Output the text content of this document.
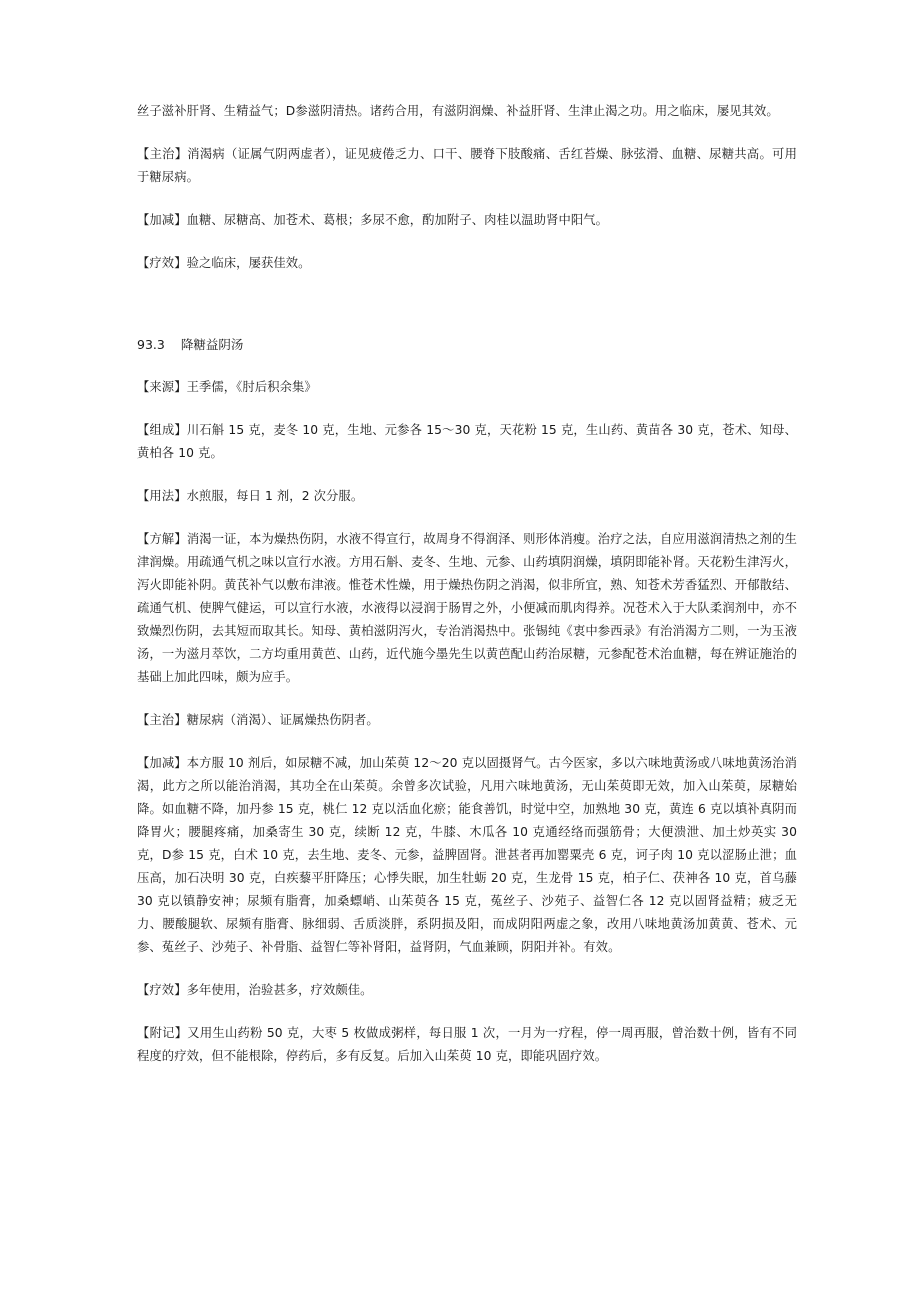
丝子滋补肝肾、生精益气；D参滋阴清热。诸药合用，有滋阴润燥、补益肝肾、生津止渴之功。用之临床，屡见其效。

【主治】消渴病（证属气阴两虚者），证见疲倦乏力、口干、腰脊下肢酸痛、舌红苔燥、脉弦滑、血糖、尿糖共高。可用于糖尿病。

【加减】血糖、尿糖高、加苍术、葛根；多尿不愈，酌加附子、肉桂以温助肾中阳气。

【疗效】验之临床，屡获佳效。

93.3 降糖益阴汤

【来源】王季儒，《肘后积余集》

【组成】川石斛 15 克，麦冬 10 克，生地、元参各 15～30 克，天花粉 15 克，生山药、黄苗各 30 克，苍术、知母、黄柏各 10 克。

【用法】水煎服，每日 1 剂，2 次分服。

【方解】消渴一证，本为燥热伤阴，水液不得宣行，故周身不得润泽、则形体消瘦。治疗之法，自应用滋润清热之剂的生津润燥。用疏通气机之味以宣行水液。方用石斛、麦冬、生地、元参、山药填阴润燥，填阴即能补肾。天花粉生津泻火，泻火即能补阴。黄芪补气以敷布津液。惟苍术性燥，用于燥热伤阴之消渴，似非所宜，熟、知苍术芳香猛烈、开郁散结、疏通气机、使脾气健运，可以宣行水液，水液得以浸润于肠胃之外，小便减而肌肉得养。况苍术入于大队柔润剂中，亦不致燥烈伤阴，去其短而取其长。知母、黄柏滋阴泻火，专治消渴热中。张锡纯《衷中参西录》有治消渴方二则，一为玉液汤，一为滋月萃饮，二方均重用黄芭、山药，近代施今墨先生以黄芭配山药治尿糖，元参配苍术治血糖，每在辨证施治的基础上加此四味，颇为应手。

【主治】糖尿病（消渴）、证属燥热伤阴者。

【加减】本方服 10 剂后，如尿糖不减，加山茱萸 12～20 克以固摄肾气。古今医家，多以六味地黄汤或八味地黄汤治消渴，此方之所以能治消渴，其功全在山茱萸。余曾多次试验，凡用六味地黄汤，无山茱萸即无效，加入山茱萸，尿糖始降。如血糖不降，加丹参 15 克，桃仁 12 克以活血化瘀；能食善饥，时觉中空，加熟地 30 克，黄连 6 克以填补真阴而降胃火；腰腿疼痛，加桑寄生 30 克，续断 12 克，牛膝、木瓜各 10 克通经络而强筋骨；大便溃泄、加土炒英实 30 克，D参 15 克，白术 10 克，去生地、麦冬、元参，益脾固肾。泄甚者再加罂粟壳 6 克，诃子肉 10 克以涩肠止泄；血压高，加石决明 30 克，白疾藜平肝降压；心悸失眠，加生牡蛎 20 克，生龙骨 15 克，柏子仁、茯神各 10 克，首乌藤 30 克以镇静安神；尿频有脂膏，加桑螵峭、山茱萸各 15 克，菟丝子、沙苑子、益智仁各 12 克以固肾益精；疲乏无力、腰酸腿软、尿频有脂膏、脉细弱、舌质淡胖，系阴损及阳，而成阴阳两虚之象，改用八味地黄汤加黄黄、苍术、元参、菟丝子、沙苑子、补骨脂、益智仁等补肾阳，益肾阴，气血兼顾，阴阳并补。有效。

【疗效】多年使用，治验甚多，疗效颇佳。

【附记】又用生山药粉 50 克，大枣 5 枚做成粥样，每日服 1 次，一月为一疗程，停一周再服，曾治数十例，皆有不同程度的疗效，但不能根除，停药后，多有反复。后加入山茱萸 10 克，即能巩固疗效。
